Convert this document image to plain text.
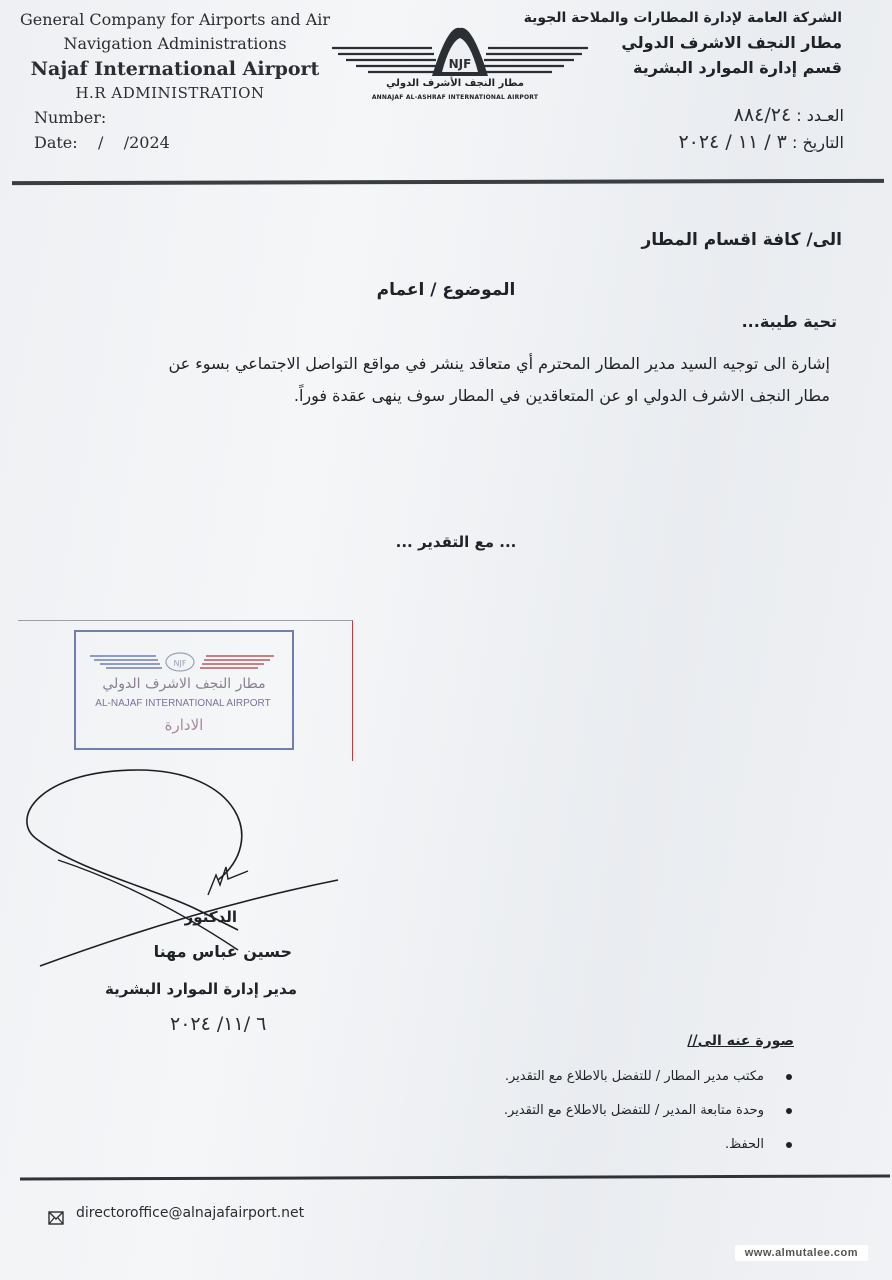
General Company for Airports and Air
Navigation Administrations
Najaf International Airport
H.R ADMINISTRATION
Number:
Date:    /    /2024
NJF
مطار النجف الأشرف الدولي
ANNAJAF AL-ASHRAF INTERNATIONAL AIRPORT
الشركة العامة لإدارة المطارات والملاحة الجوية
مطار النجف الاشرف الدولي
قسم إدارة الموارد البشرية
العـدد : ٨٨٤/٢٤
التاريخ : ٣ / ١١ / ٢٠٢٤
الى/ كافة اقسام المطار
الموضوع / اعمام
تحية طيبة...
إشارة الى توجيه السيد مدير المطار المحترم أي متعاقد ينشر في مواقع التواصل الاجتماعي بسوء عن مطار النجف الاشرف الدولي او عن المتعاقدين في المطار سوف ينهى عقدة فوراً.
... مع التقدير ...
NJF
مطار النجف الاشرف الدولي
AL-NAJAF INTERNATIONAL AIRPORT
الادارة
الدكتور
حسين عباس مهنا
مدير إدارة الموارد البشرية
٦ /١١/ ٢٠٢٤
صورة عنه الى//
مكتب مدير المطار / للتفضل بالاطلاع مع التقدير.
وحدة متابعة المدير / للتفضل بالاطلاع مع التقدير.
الحفظ.
directoroffice@alnajafairport.net
www.almutalee.com
